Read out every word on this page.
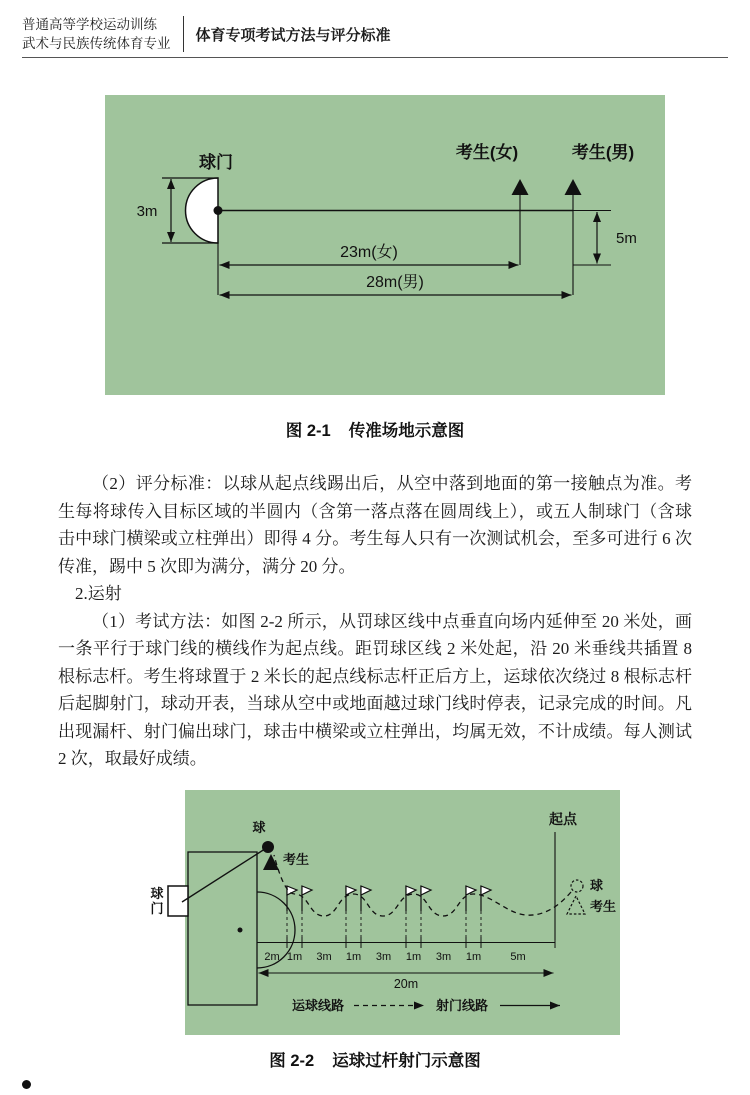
普通高等学校运动训练
武术与民族传统体育专业 体育专项考试方法与评分标准
球门
3m
考生(女)	考生(男)
5m
23m(女)
28m(男)
图 2-1 传准场地示意图

（2）评分标准：以球从起点线踢出后，从空中落到地面的第一接触点为准。考生每将球传入目标区域的半圆内（含第一落点落在圆周线上），或五人制球门（含球击中球门横梁或立柱弹出）即得 4 分。考生每人只有一次测试机会，至多可进行 6 次传准，踢中 5 次即为满分，满分 20 分。

2.运射

（1）考试方法：如图 2-2 所示，从罚球区线中点垂直向场内延伸至 20 米处，画一条平行于球门线的横线作为起点线。距罚球区线 2 米处起，沿 20 米垂线共插置 8 根标志杆。考生将球置于 2 米长的起点线标志杆正后方上，运球依次绕过 8 根标志杆后起脚射门，球动开表，当球从空中或地面越过球门线时停表，记录完成的时间。凡出现漏杆、射门偏出球门，球击中横梁或立柱弹出，均属无效，不计成绩。每人测试 2 次，取最好成绩。

球
门
球
考生
起点
球
考生
2m 1m 3m 1m 3m 1m 3m 1m	5m
20m
运球线路	射门线路
图 2-2 运球过杆射门示意图
